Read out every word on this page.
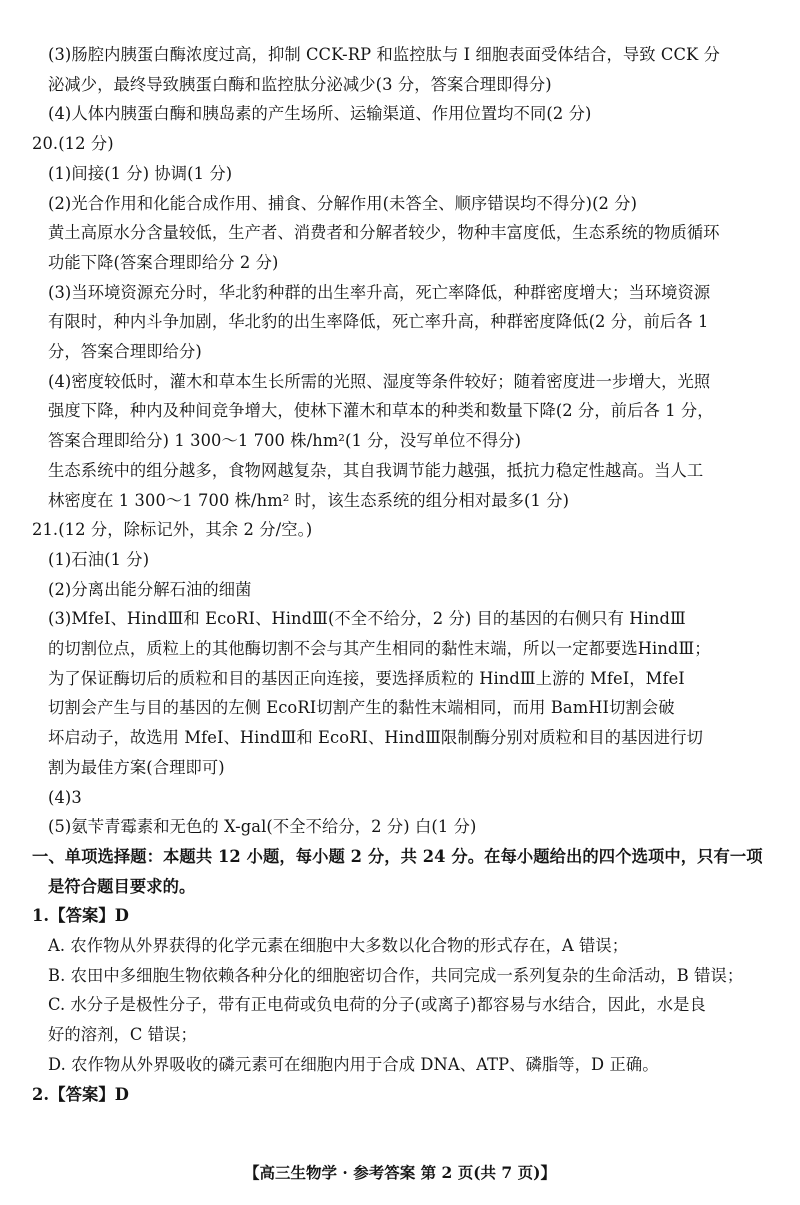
(3)肠腔内胰蛋白酶浓度过高，抑制 CCK-RP 和监控肽与 I 细胞表面受体结合，导致 CCK 分
泌减少，最终导致胰蛋白酶和监控肽分泌减少(3 分，答案合理即得分)
(4)人体内胰蛋白酶和胰岛素的产生场所、运输渠道、作用位置均不同(2 分)
20.(12 分)
(1)间接(1 分) 协调(1 分)
(2)光合作用和化能合成作用、捕食、分解作用(未答全、顺序错误均不得分)(2 分)
黄土高原水分含量较低，生产者、消费者和分解者较少，物种丰富度低，生态系统的物质循环
功能下降(答案合理即给分 2 分)
(3)当环境资源充分时，华北豹种群的出生率升高，死亡率降低，种群密度增大；当环境资源
有限时，种内斗争加剧，华北豹的出生率降低，死亡率升高，种群密度降低(2 分，前后各 1
分，答案合理即给分)
(4)密度较低时，灌木和草本生长所需的光照、湿度等条件较好；随着密度进一步增大，光照
强度下降，种内及种间竞争增大，使林下灌木和草本的种类和数量下降(2 分，前后各 1 分，
答案合理即给分) 1 300～1 700 株/hm²(1 分，没写单位不得分)
生态系统中的组分越多，食物网越复杂，其自我调节能力越强，抵抗力稳定性越高。当人工
林密度在 1 300～1 700 株/hm² 时，该生态系统的组分相对最多(1 分)
21.(12 分，除标记外，其余 2 分/空。)
(1)石油(1 分)
(2)分离出能分解石油的细菌
(3)MfeⅠ、HindⅢ和 EcoRⅠ、HindⅢ(不全不给分，2 分) 目的基因的右侧只有 HindⅢ
的切割位点，质粒上的其他酶切割不会与其产生相同的黏性末端，所以一定都要选HindⅢ；
为了保证酶切后的质粒和目的基因正向连接，要选择质粒的 HindⅢ上游的 MfeⅠ，MfeⅠ
切割会产生与目的基因的左侧 EcoRⅠ切割产生的黏性末端相同，而用 BamHⅠ切割会破
坏启动子，故选用 MfeⅠ、HindⅢ和 EcoRⅠ、HindⅢ限制酶分别对质粒和目的基因进行切
割为最佳方案(合理即可)
(4)3
(5)氨苄青霉素和无色的 X-gal(不全不给分，2 分) 白(1 分)
一、单项选择题：本题共 12 小题，每小题 2 分，共 24 分。在每小题给出的四个选项中，只有一项
是符合题目要求的。
1.【答案】D
A. 农作物从外界获得的化学元素在细胞中大多数以化合物的形式存在，A 错误；
B. 农田中多细胞生物依赖各种分化的细胞密切合作，共同完成一系列复杂的生命活动，B 错误；
C. 水分子是极性分子，带有正电荷或负电荷的分子(或离子)都容易与水结合，因此，水是良
好的溶剂，C 错误；
D. 农作物从外界吸收的磷元素可在细胞内用于合成 DNA、ATP、磷脂等，D 正确。
2.【答案】D
【高三生物学 · 参考答案 第 2 页(共 7 页)】
